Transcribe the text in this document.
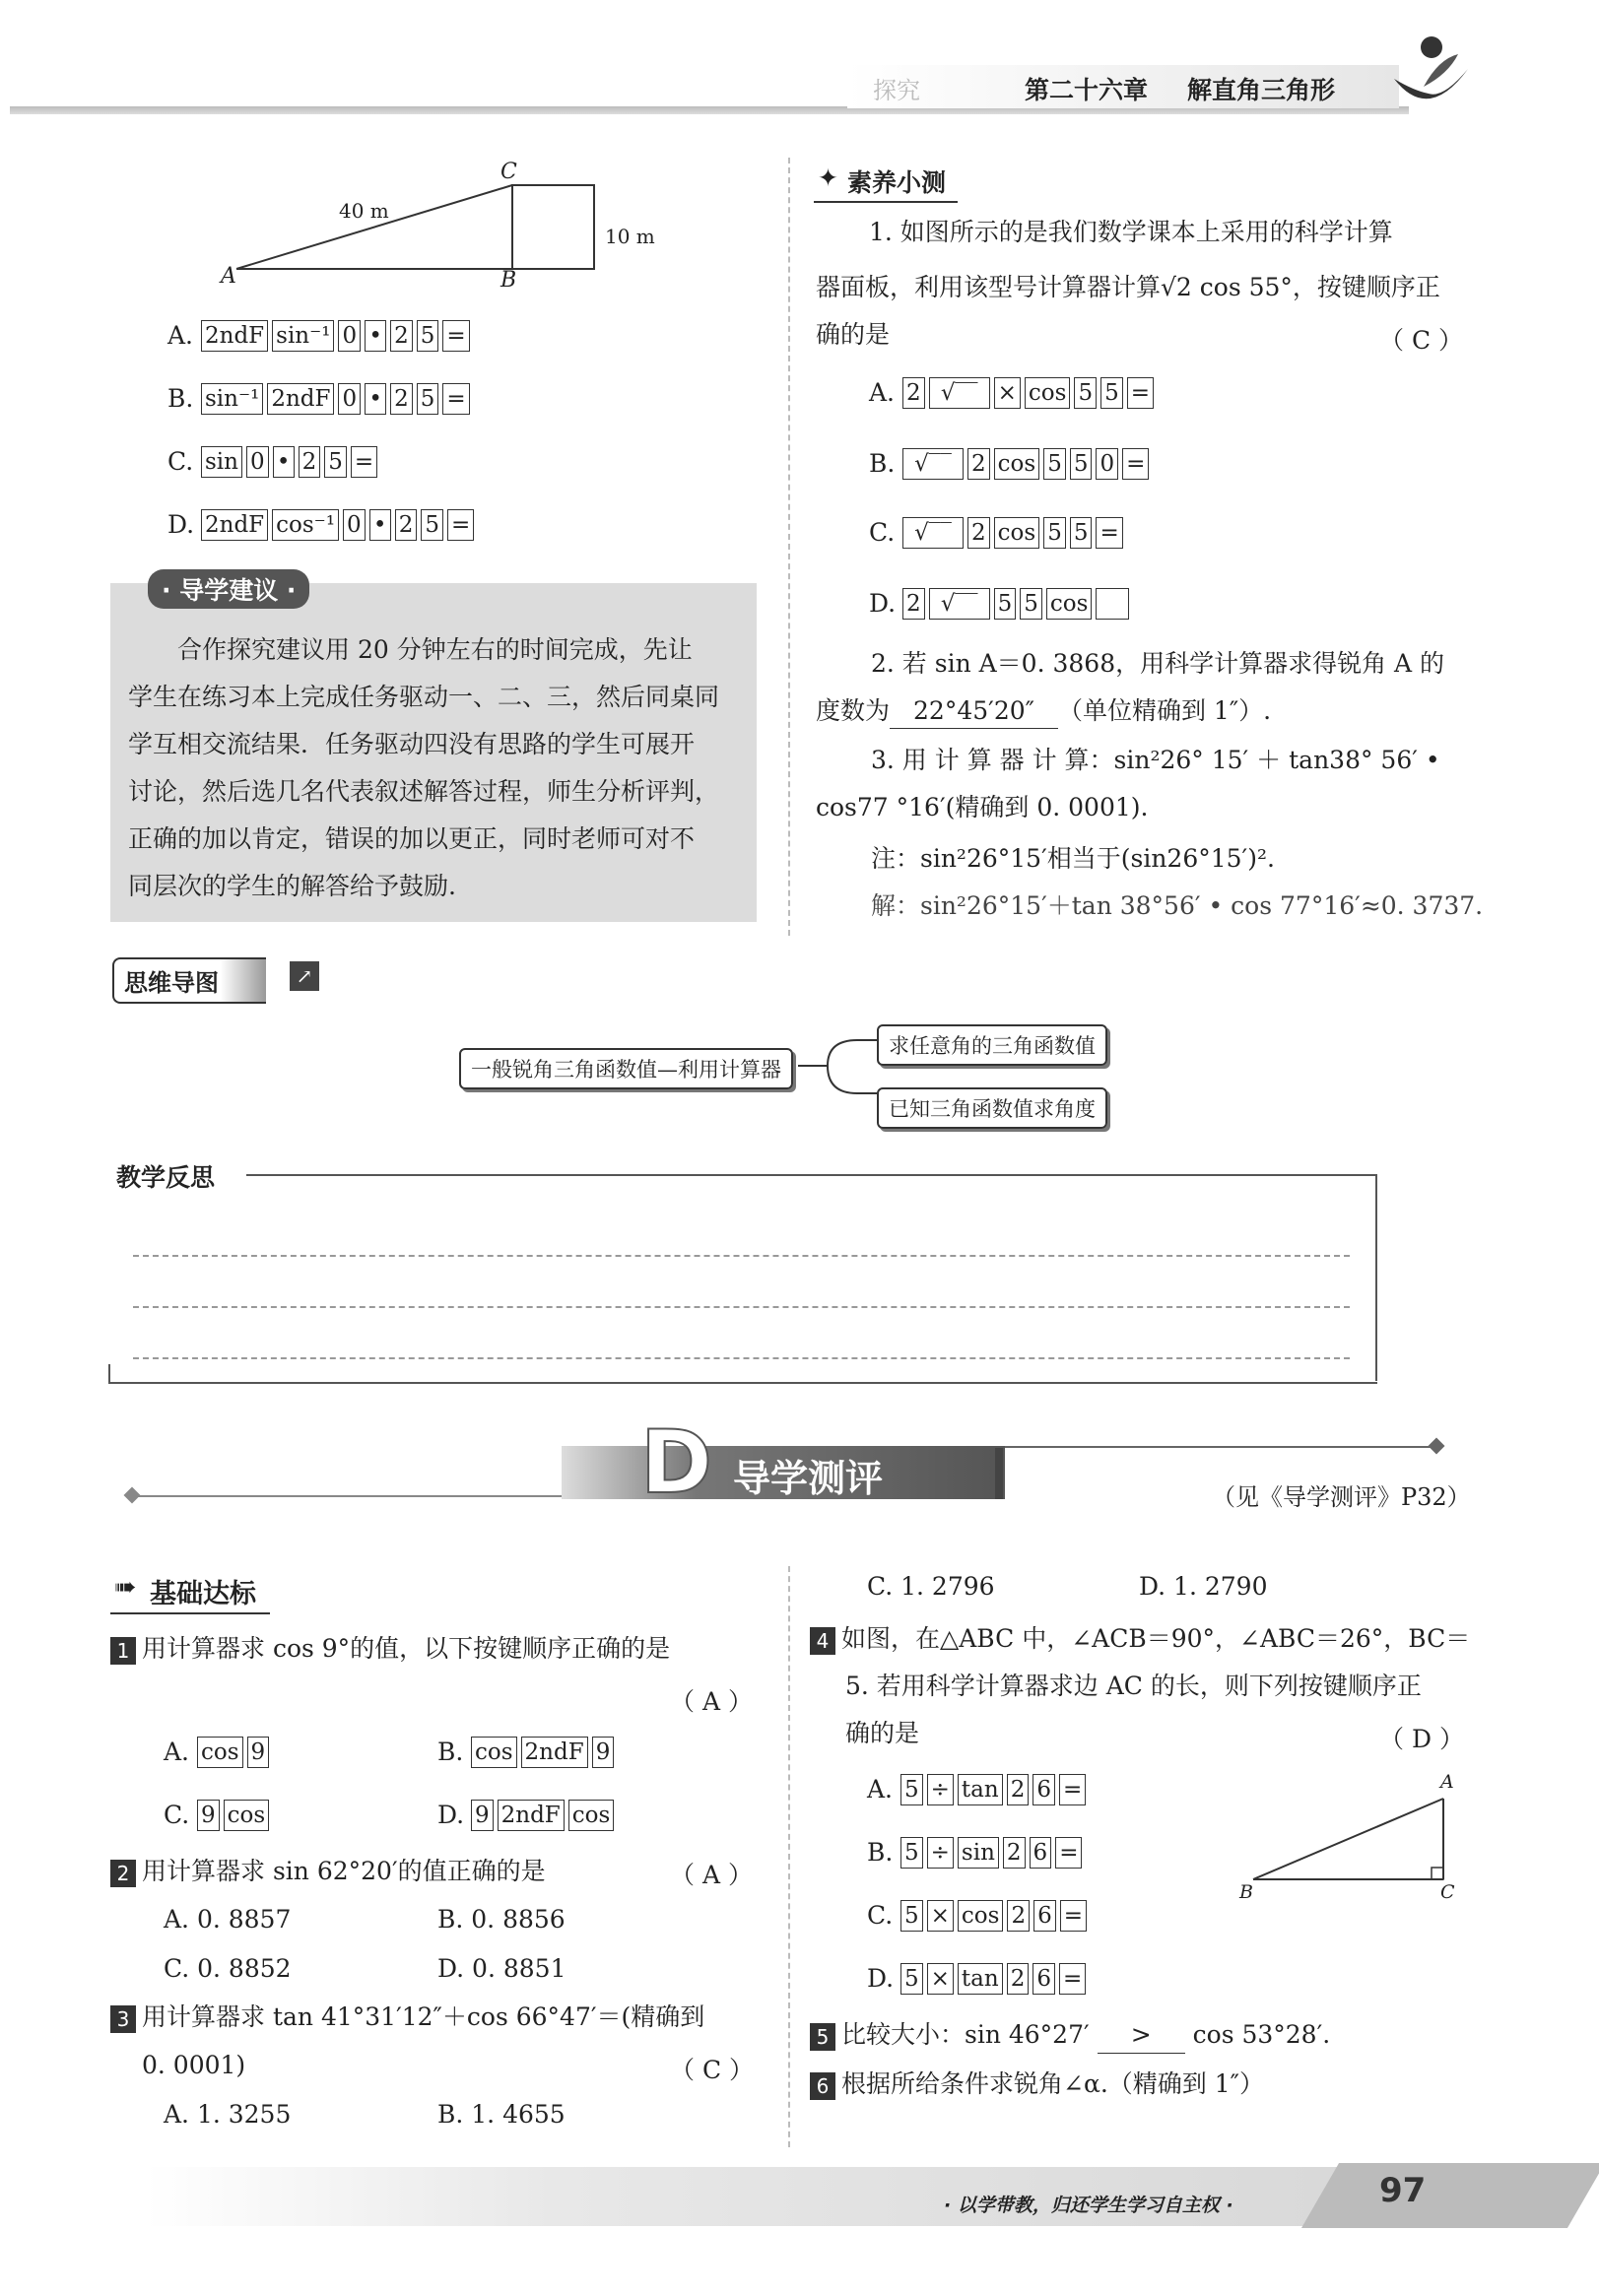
探究	第二十六章 解直角三角形
C
A	B
40 m
10 m
A. 2ndF sin⁻¹ 0 • 2 5 =
B. sin⁻¹ 2ndF 0 • 2 5 =
C. sin 0 • 2 5 =
D. 2ndF cos⁻¹ 0 • 2 5 =
· 导学建议 ·
合作探究建议用 20 分钟左右的时间完成，先让
学生在练习本上完成任务驱动一、二、三，然后同桌同
学互相交流结果．任务驱动四没有思路的学生可展开
讨论，然后选几名代表叙述解答过程，师生分析评判，
正确的加以肯定，错误的加以更正，同时老师可对不
同层次的学生的解答给予鼓励.
✦ 素养小测
1. 如图所示的是我们数学课本上采用的科学计算
器面板，利用该型号计算器计算√2 cos 55°，按键顺序正
确的是	（ C ）
A. 2 √‾‾ × cos 5 5 =
B. √‾‾ 2 cos 5 5 0 =
C. √‾‾ 2 cos 5 5 =
D. 2 √‾‾ 5 5 cos
2. 若 sin A＝0. 3868，用科学计算器求得锐角 A 的
度数为 22°45′20″ （单位精确到 1″）.
3. 用 计 算 器 计 算：sin²26° 15′ ＋ tan38° 56′ •
cos77 °16′(精确到 0. 0001).
注：sin²26°15′相当于(sin26°15′)².
解：sin²26°15′＋tan 38°56′ • cos 77°16′≈0. 3737.
思维导图	↗
一般锐角三角函数值—利用计算器
求任意角的三角函数值
已知三角函数值求角度
教学反思
D 导学测评	（见《导学测评》P32）
➠ 基础达标
1 用计算器求 cos 9°的值，以下按键顺序正确的是
（ A ）
A. cos 9	B. cos 2ndF 9
C. 9 cos	D. 9 2ndF cos
2 用计算器求 sin 62°20′的值正确的是	（ A ）
A. 0. 8857	B. 0. 8856
C. 0. 8852	D. 0. 8851
3 用计算器求 tan 41°31′12″＋cos 66°47′＝(精确到
0. 0001)	（ C ）
A. 1. 3255	B. 1. 4655
C. 1. 2796	D. 1. 2790
4 如图，在△ABC 中，∠ACB＝90°，∠ABC＝26°，BC＝
5. 若用科学计算器求边 AC 的长，则下列按键顺序正
确的是	（ D ）
A. 5 ÷ tan 2 6 =
B. 5 ÷ sin 2 6 =
C. 5 × cos 2 6 =
D. 5 × tan 2 6 =
A
B	C
5 比较大小：sin 46°27′ > cos 53°28′.
6 根据所给条件求锐角∠α.（精确到 1″）
· 以学带教，归还学生学习自主权 ·	97
